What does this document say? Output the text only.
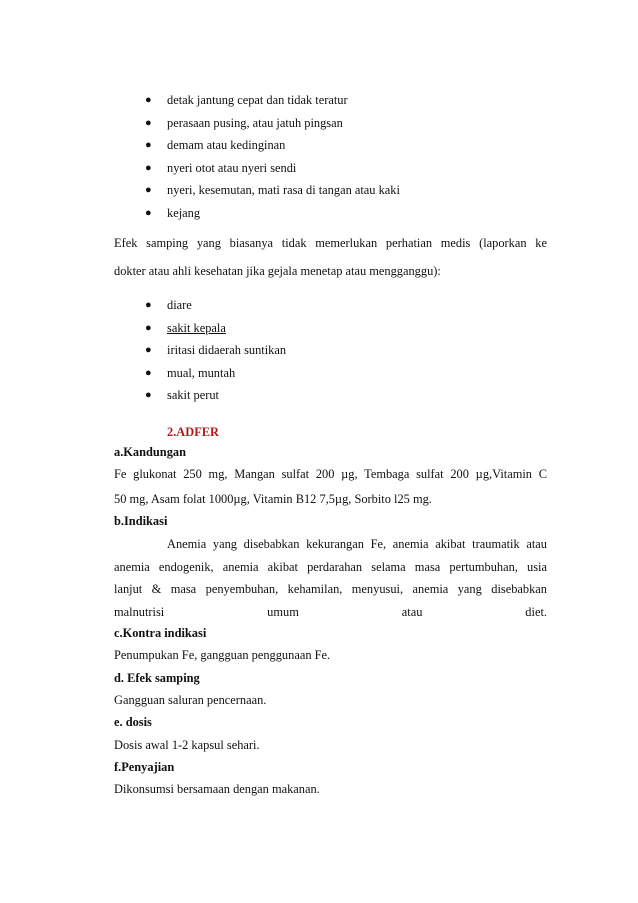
● detak jantung cepat dan tidak teratur
● perasaan pusing, atau jatuh pingsan
● demam atau kedinginan
● nyeri otot atau nyeri sendi
● nyeri, kesemutan, mati rasa di tangan atau kaki
● kejang
Efek samping yang biasanya tidak memerlukan perhatian medis (laporkan ke
dokter atau ahli kesehatan jika gejala menetap atau mengganggu):
● diare
● sakit kepala
● iritasi didaerah suntikan
● mual, muntah
● sakit perut
2.ADFER
a.Kandungan
Fe glukonat 250 mg, Mangan sulfat 200 µg, Tembaga sulfat 200 µg,Vitamin C
50 mg, Asam folat 1000µg, Vitamin B12 7,5µg, Sorbito l25 mg.
b.Indikasi
Anemia yang disebabkan kekurangan Fe, anemia akibat traumatik atau
anemia endogenik, anemia akibat perdarahan selama masa pertumbuhan, usia
lanjut & masa penyembuhan, kehamilan, menyusui, anemia yang disebabkan
malnutrisi umum atau diet.
c.Kontra indikasi
Penumpukan Fe, gangguan penggunaan Fe.
d. Efek samping
Gangguan saluran pencernaan.
e. dosis
Dosis awal 1-2 kapsul sehari.
f.Penyajian
Dikonsumsi bersamaan dengan makanan.
